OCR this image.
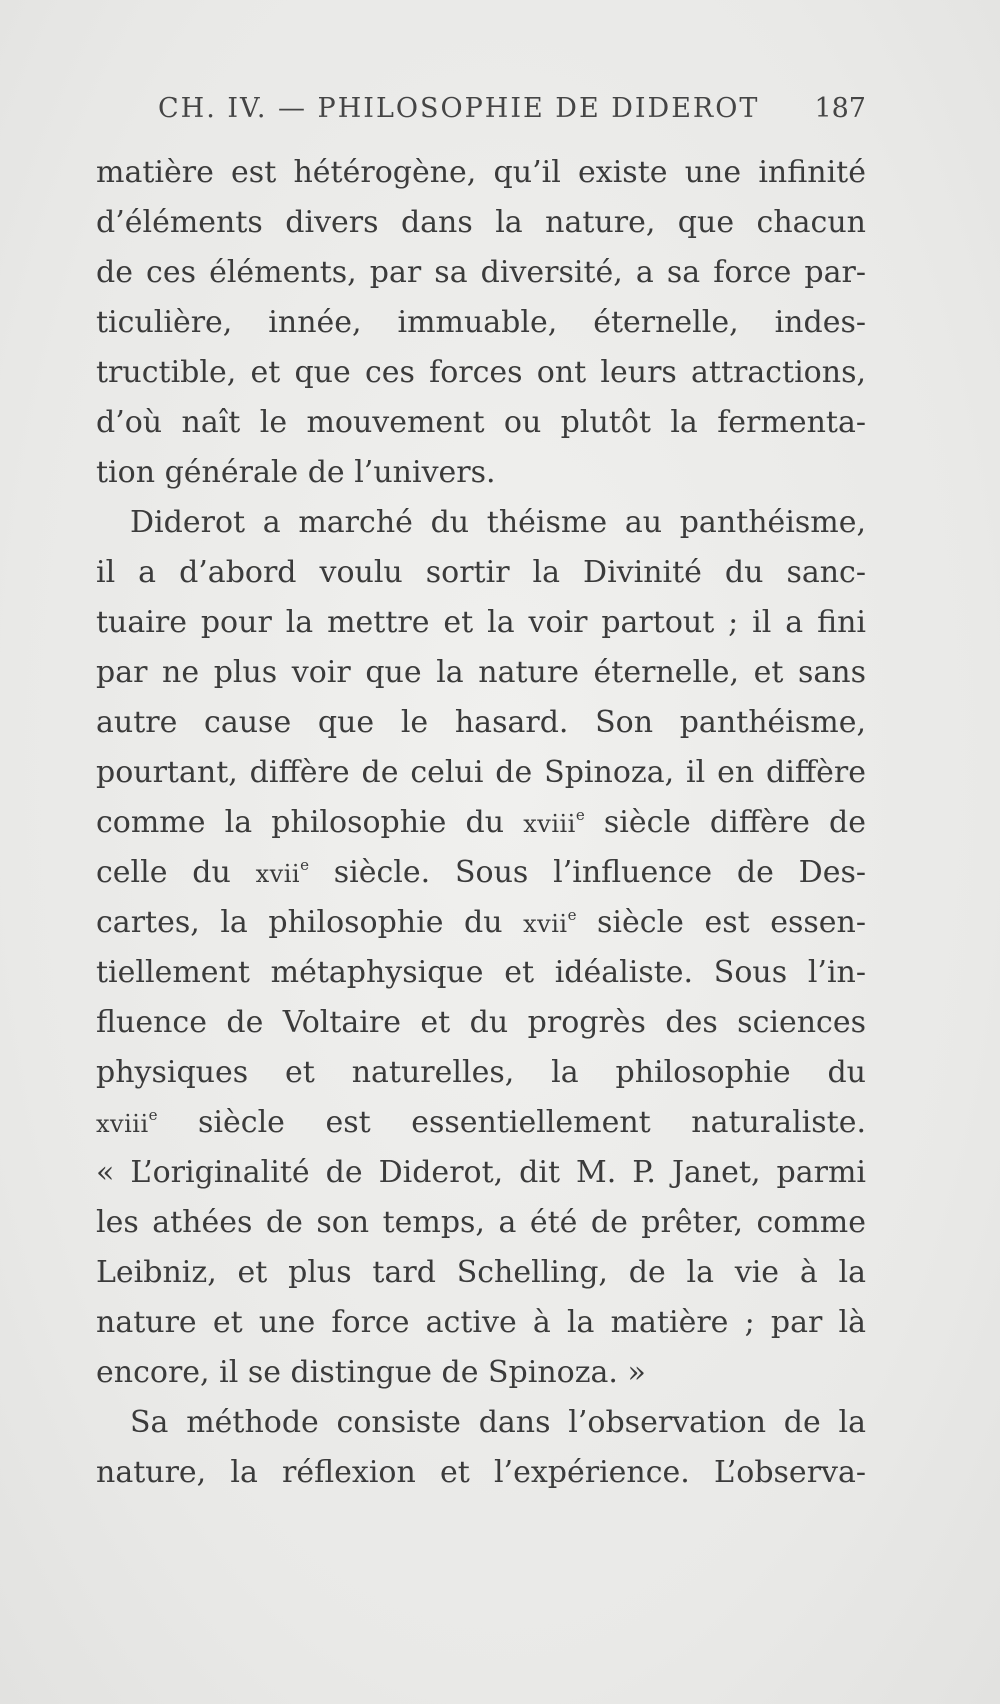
CH. IV. — PHILOSOPHIE DE DIDEROT 187
matière est hétérogène, qu’il existe une infinité
d’éléments divers dans la nature, que chacun
de ces éléments, par sa diversité, a sa force par-
ticulière, innée, immuable, éternelle, indes-
tructible, et que ces forces ont leurs attractions,
d’où naît le mouvement ou plutôt la fermenta-
tion générale de l’univers.
Diderot a marché du théisme au panthéisme,
il a d’abord voulu sortir la Divinité du sanc-
tuaire pour la mettre et la voir partout ; il a fini
par ne plus voir que la nature éternelle, et sans
autre cause que le hasard. Son panthéisme,
pourtant, diffère de celui de Spinoza, il en diffère
comme la philosophie du xviii$^e$ siècle diffère de
celle du xvii$^e$ siècle. Sous l’influence de Des-
cartes, la philosophie du xvii$^e$ siècle est essen-
tiellement métaphysique et idéaliste. Sous l’in-
fluence de Voltaire et du progrès des sciences
physiques et naturelles, la philosophie du
xviii$^e$ siècle est essentiellement naturaliste.
« L’originalité de Diderot, dit M. P. Janet, parmi
les athées de son temps, a été de prêter, comme
Leibniz, et plus tard Schelling, de la vie à la
nature et une force active à la matière ; par là
encore, il se distingue de Spinoza. »
Sa méthode consiste dans l’observation de la
nature, la réflexion et l’expérience. L’observa-
